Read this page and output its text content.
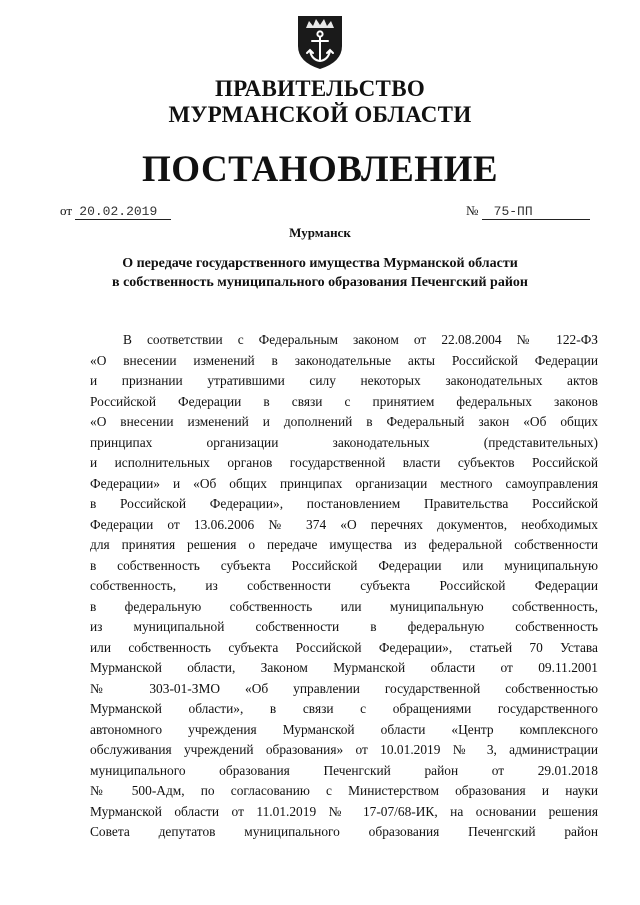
ПРАВИТЕЛЬСТВО
МУРМАНСКОЙ ОБЛАСТИ
ПОСТАНОВЛЕНИЕ
от 20.02.2019	№ 75-ПП
Мурманск
О передаче государственного имущества Мурманской области
в собственность муниципального образования Печенгский район
В соответствии с Федеральным законом от 22.08.2004 № 122-ФЗ
«О внесении изменений в законодательные акты Российской Федерации
и признании утратившими силу некоторых законодательных актов
Российской Федерации в связи с принятием федеральных законов
«О внесении изменений и дополнений в Федеральный закон «Об общих
принципах организации законодательных (представительных)
и исполнительных органов государственной власти субъектов Российской
Федерации» и «Об общих принципах организации местного самоуправления
в Российской Федерации», постановлением Правительства Российской
Федерации от 13.06.2006 № 374 «О перечнях документов, необходимых
для принятия решения о передаче имущества из федеральной собственности
в собственность субъекта Российской Федерации или муниципальную
собственность, из собственности субъекта Российской Федерации
в федеральную собственность или муниципальную собственность,
из муниципальной собственности в федеральную собственность
или собственность субъекта Российской Федерации», статьей 70 Устава
Мурманской области, Законом Мурманской области от 09.11.2001
№ 303-01-ЗМО «Об управлении государственной собственностью
Мурманской области», в связи с обращениями государственного
автономного учреждения Мурманской области «Центр комплексного
обслуживания учреждений образования» от 10.01.2019 № 3, администрации
муниципального образования Печенгский район от 29.01.2018
№ 500-Адм, по согласованию с Министерством образования и науки
Мурманской области от 11.01.2019 № 17-07/68-ИК, на основании решения
Совета депутатов муниципального образования Печенгский район
